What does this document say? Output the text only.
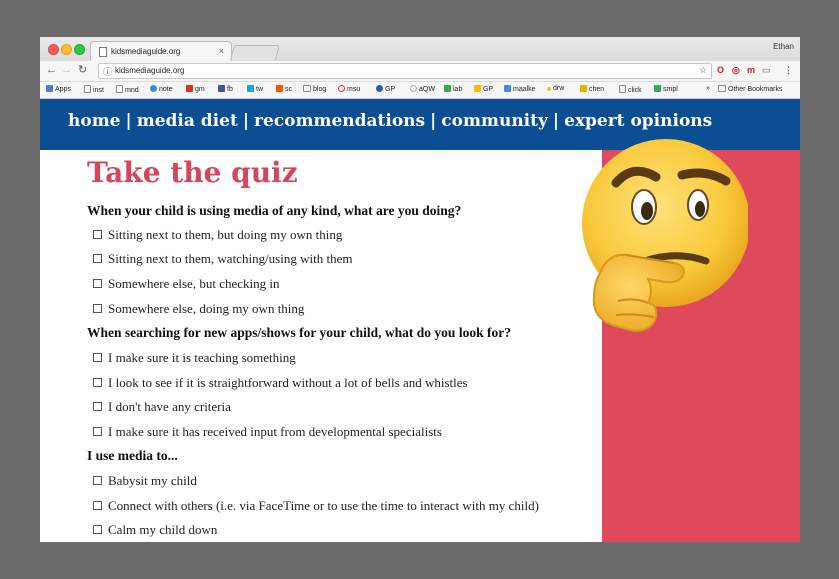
kidsmediaguide.org	×	Ethan
← → ↻ ⓘ kidsmediaguide.org	☆ O ◎ m ▭ ⋮
Apps	inst	mnd	note	gm	fb	tw	sc	blog	msu	GP	aQW	lab	GP	maalke	drw	chen	click	smpl	»	Other Bookmarks
home | media diet | recommendations | community | expert opinions
Take the quiz
When your child is using media of any kind, what are you doing?
Sitting next to them, but doing my own thing
Sitting next to them, watching/using with them
Somewhere else, but checking in
Somewhere else, doing my own thing
When searching for new apps/shows for your child, what do you look for?
I make sure it is teaching something
I look to see if it is straightforward without a lot of bells and whistles
I don't have any criteria
I make sure it has received input from developmental specialists
I use media to...
Babysit my child
Connect with others (i.e. via FaceTime or to use the time to interact with my child)
Calm my child down
